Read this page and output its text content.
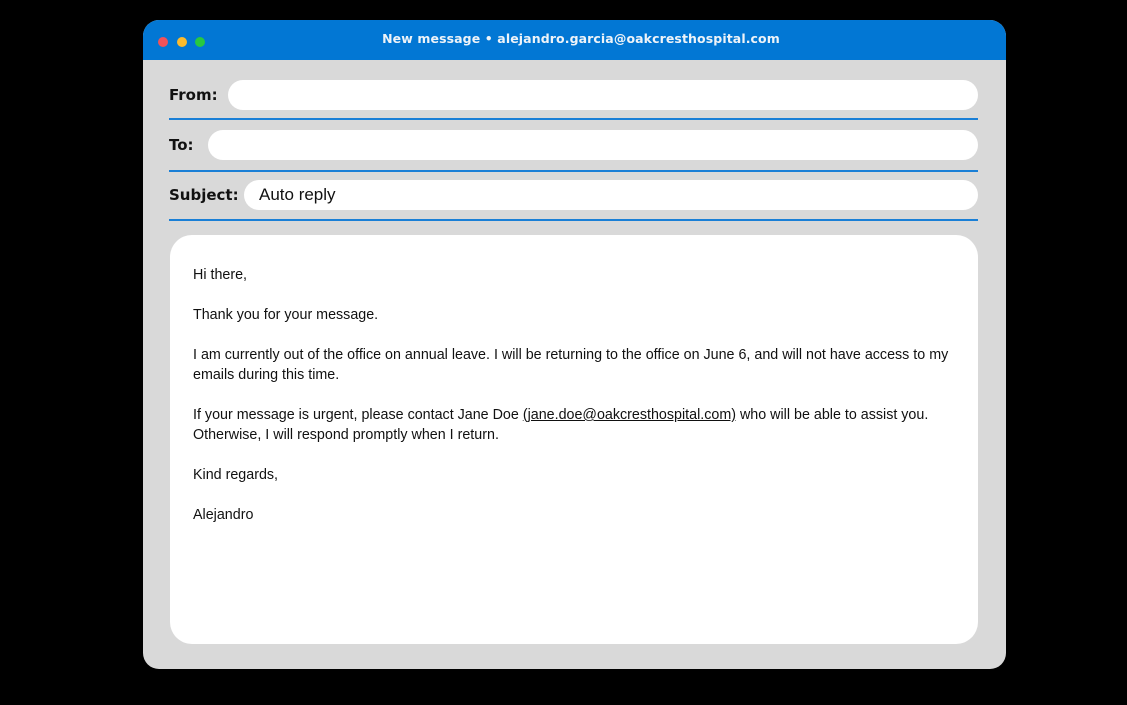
New message • alejandro.garcia@oakcresthospital.com
From:
To:
Subject:
Auto reply

Hi there,

Thank you for your message.

I am currently out of the office on annual leave. I will be returning to the office on June 6, and will not have access to my emails during this time.

If your message is urgent, please contact Jane Doe (jane.doe@oakcresthospital.com) who will be able to assist you. Otherwise, I will respond promptly when I return.

Kind regards,

Alejandro
